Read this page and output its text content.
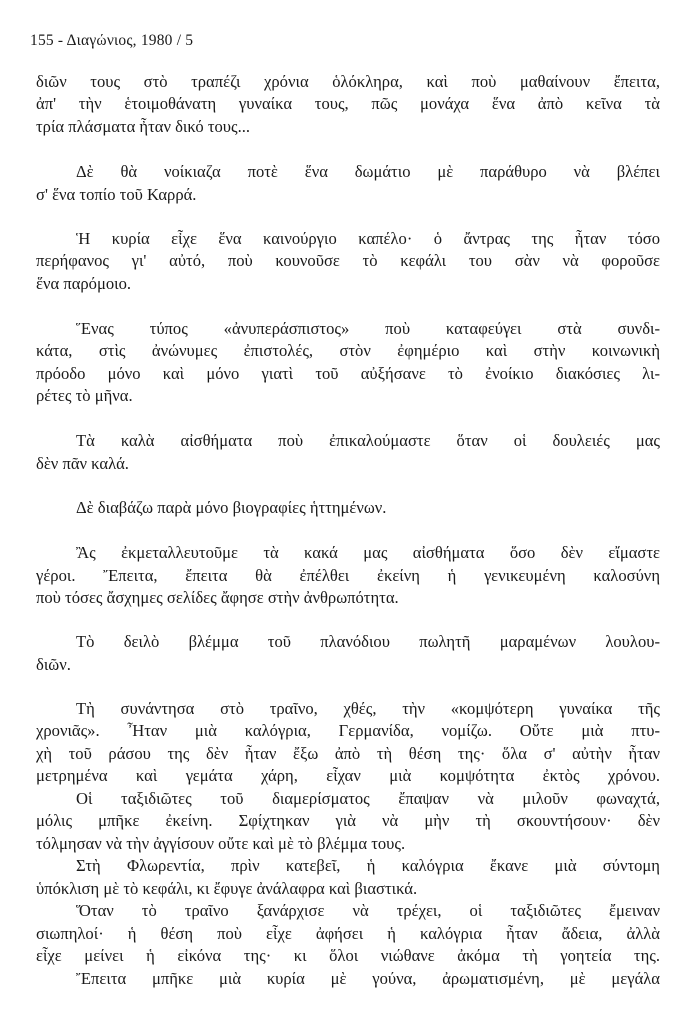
155 - Διαγώνιος, 1980 / 5
διῶν τους στὸ τραπέζι χρόνια ὁλόκληρα, καὶ ποὺ μαθαίνουν ἔπειτα,
ἀπ' τὴν ἑτοιμοθάνατη γυναίκα τους, πῶς μονάχα ἕνα ἀπὸ κεῖνα τὰ
τρία πλάσματα ἦταν δικό τους...
Δὲ θὰ νοίκιαζα ποτὲ ἕνα δωμάτιο μὲ παράθυρο νὰ βλέπει
σ' ἕνα τοπίο τοῦ Καρρά.
Ἡ κυρία εἶχε ἕνα καινούργιο καπέλο· ὁ ἄντρας της ἦταν τόσο
περήφανος γι' αὐτό, ποὺ κουνοῦσε τὸ κεφάλι του σὰν νὰ φοροῦσε
ἕνα παρόμοιο.
Ἕνας τύπος «ἀνυπεράσπιστος» ποὺ καταφεύγει στὰ συνδι-
κάτα, στὶς ἀνώνυμες ἐπιστολές, στὸν ἐφημέριο καὶ στὴν κοινωνικὴ
πρόοδο μόνο καὶ μόνο γιατὶ τοῦ αὐξήσανε τὸ ἐνοίκιο διακόσιες λι-
ρέτες τὸ μῆνα.
Τὰ καλὰ αἰσθήματα ποὺ ἐπικαλούμαστε ὅταν οἱ δουλειές μας
δὲν πᾶν καλά.
Δὲ διαβάζω παρὰ μόνο βιογραφίες ἡττημένων.
Ἂς ἐκμεταλλευτοῦμε τὰ κακά μας αἰσθήματα ὅσο δὲν εἴμαστε
γέροι. Ἔπειτα, ἔπειτα θὰ ἐπέλθει ἐκείνη ἡ γενικευμένη καλοσύνη
ποὺ τόσες ἄσχημες σελίδες ἄφησε στὴν ἀνθρωπότητα.
Τὸ δειλὸ βλέμμα τοῦ πλανόδιου πωλητῆ μαραμένων λουλου-
διῶν.
Τὴ συνάντησα στὸ τραῖνο, χθές, τὴν «κομψότερη γυναίκα τῆς
χρονιᾶς». Ἦταν μιὰ καλόγρια, Γερμανίδα, νομίζω. Οὔτε μιὰ πτυ-
χὴ τοῦ ράσου της δὲν ἦταν ἔξω ἀπὸ τὴ θέση της· ὅλα σ' αὐτὴν ἦταν
μετρημένα καὶ γεμάτα χάρη, εἶχαν μιὰ κομψότητα ἐκτὸς χρόνου.
Οἱ ταξιδιῶτες τοῦ διαμερίσματος ἔπαψαν νὰ μιλοῦν φωναχτά,
μόλις μπῆκε ἐκείνη. Σφίχτηκαν γιὰ νὰ μὴν τὴ σκουντήσουν· δὲν
τόλμησαν νὰ τὴν ἀγγίσουν οὔτε καὶ μὲ τὸ βλέμμα τους.
Στὴ Φλωρεντία, πρὶν κατεβεῖ, ἡ καλόγρια ἔκανε μιὰ σύντομη
ὑπόκλιση μὲ τὸ κεφάλι, κι ἔφυγε ἀνάλαφρα καὶ βιαστικά.
Ὅταν τὸ τραῖνο ξανάρχισε νὰ τρέχει, οἱ ταξιδιῶτες ἔμειναν
σιωπηλοί· ἡ θέση ποὺ εἶχε ἀφήσει ἡ καλόγρια ἦταν ἄδεια, ἀλλὰ
εἶχε μείνει ἡ εἰκόνα της· κι ὅλοι νιώθανε ἀκόμα τὴ γοητεία της.
Ἔπειτα μπῆκε μιὰ κυρία μὲ γούνα, ἀρωματισμένη, μὲ μεγάλα
